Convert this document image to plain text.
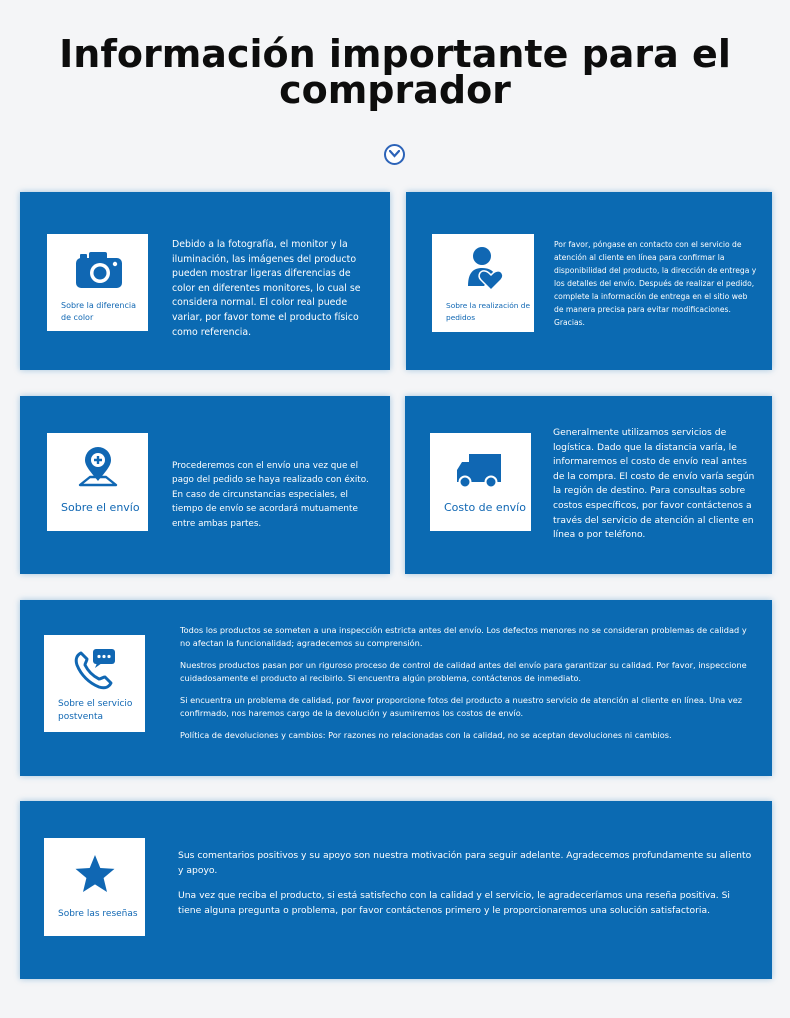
Información importante para el comprador
Sobre la diferencia de color
Debido a la fotografía, el monitor y la iluminación, las imágenes del producto pueden mostrar ligeras diferencias de color en diferentes monitores, lo cual se considera normal. El color real puede variar, por favor tome el producto físico como referencia.
Sobre la realización de pedidos
Por favor, póngase en contacto con el servicio de atención al cliente en línea para confirmar la disponibilidad del producto, la dirección de entrega y los detalles del envío. Después de realizar el pedido, complete la información de entrega en el sitio web de manera precisa para evitar modificaciones. Gracias.
Sobre el envío
Procederemos con el envío una vez que el pago del pedido se haya realizado con éxito. En caso de circunstancias especiales, el tiempo de envío se acordará mutuamente entre ambas partes.
Costo de envío
Generalmente utilizamos servicios de logística. Dado que la distancia varía, le informaremos el costo de envío real antes de la compra. El costo de envío varía según la región de destino. Para consultas sobre costos específicos, por favor contáctenos a través del servicio de atención al cliente en línea o por teléfono.
Sobre el servicio postventa

Todos los productos se someten a una inspección estricta antes del envío. Los defectos menores no se consideran problemas de calidad y no afectan la funcionalidad; agradecemos su comprensión.

Nuestros productos pasan por un riguroso proceso de control de calidad antes del envío para garantizar su calidad. Por favor, inspeccione cuidadosamente el producto al recibirlo. Si encuentra algún problema, contáctenos de inmediato.

Si encuentra un problema de calidad, por favor proporcione fotos del producto a nuestro servicio de atención al cliente en línea. Una vez confirmado, nos haremos cargo de la devolución y asumiremos los costos de envío.

Política de devoluciones y cambios: Por razones no relacionadas con la calidad, no se aceptan devoluciones ni cambios.

Sobre las reseñas

Sus comentarios positivos y su apoyo son nuestra motivación para seguir adelante. Agradecemos profundamente su aliento y apoyo.

Una vez que reciba el producto, si está satisfecho con la calidad y el servicio, le agradeceríamos una reseña positiva. Si tiene alguna pregunta o problema, por favor contáctenos primero y le proporcionaremos una solución satisfactoria.
